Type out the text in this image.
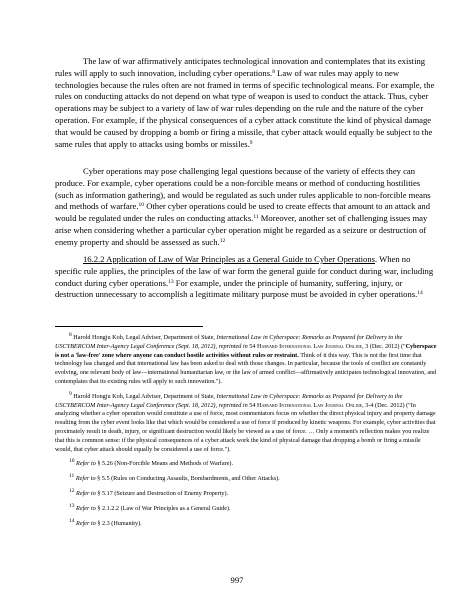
The law of war affirmatively anticipates technological innovation and contemplates that its existing rules will apply to such innovation, including cyber operations.$^8$ Law of war rules may apply to new technologies because the rules often are not framed in terms of specific technological means. For example, the rules on conducting attacks do not depend on what type of weapon is used to conduct the attack. Thus, cyber operations may be subject to a variety of law of war rules depending on the rule and the nature of the cyber operation. For example, if the physical consequences of a cyber attack constitute the kind of physical damage that would be caused by dropping a bomb or firing a missile, that cyber attack would equally be subject to the same rules that apply to attacks using bombs or missiles.$^9$

Cyber operations may pose challenging legal questions because of the variety of effects they can produce. For example, cyber operations could be a non-forcible means or method of conducting hostilities (such as information gathering), and would be regulated as such under rules applicable to non-forcible means and methods of warfare.$^{10}$ Other cyber operations could be used to create effects that amount to an attack and would be regulated under the rules on conducting attacks.$^{11}$ Moreover, another set of challenging issues may arise when considering whether a particular cyber operation might be regarded as a seizure or destruction of enemy property and should be assessed as such.$^{12}$

16.2.2 Application of Law of War Principles as a General Guide to Cyber Operations. When no specific rule applies, the principles of the law of war form the general guide for conduct during war, including conduct during cyber operations.$^{13}$ For example, under the principle of humanity, suffering, injury, or destruction unnecessary to accomplish a legitimate military purpose must be avoided in cyber operations.$^{14}$

$^8$ Harold Hongju Koh, Legal Adviser, Department of State, International Law in Cyberspace: Remarks as Prepared for Delivery to the USCYBERCOM Inter-Agency Legal Conference (Sept. 18, 2012), reprinted in 54 Harvard International Law Journal Online, 3 (Dec. 2012) ("Cyberspace is not a 'law-free' zone where anyone can conduct hostile activities without rules or restraint. Think of it this way. This is not the first time that technology has changed and that international law has been asked to deal with those changes. In particular, because the tools of conflict are constantly evolving, one relevant body of law—international humanitarian law, or the law of armed conflict—affirmatively anticipates technological innovation, and contemplates that its existing rules will apply to such innovation.").

$^9$ Harold Hongju Koh, Legal Adviser, Department of State, International Law in Cyberspace: Remarks as Prepared for Delivery to the USCYBERCOM Inter-Agency Legal Conference (Sept. 18, 2012), reprinted in 54 Harvard International Law Journal Online, 3-4 (Dec. 2012) ("In analyzing whether a cyber operation would constitute a use of force, most commentators focus on whether the direct physical injury and property damage resulting from the cyber event looks like that which would be considered a use of force if produced by kinetic weapons. For example, cyber activities that proximately result in death, injury, or significant destruction would likely be viewed as a use of force. … Only a moment's reflection makes you realize that this is common sense: if the physical consequences of a cyber attack work the kind of physical damage that dropping a bomb or firing a missile would, that cyber attack should equally be considered a use of force.").

$^{10}$ Refer to § 5.26 (Non-Forcible Means and Methods of Warfare).

$^{11}$ Refer to § 5.5 (Rules on Conducting Assaults, Bombardments, and Other Attacks).

$^{12}$ Refer to § 5.17 (Seizure and Destruction of Enemy Property).

$^{13}$ Refer to § 2.1.2.2 (Law of War Principles as a General Guide).

$^{14}$ Refer to § 2.3 (Humanity).

997
